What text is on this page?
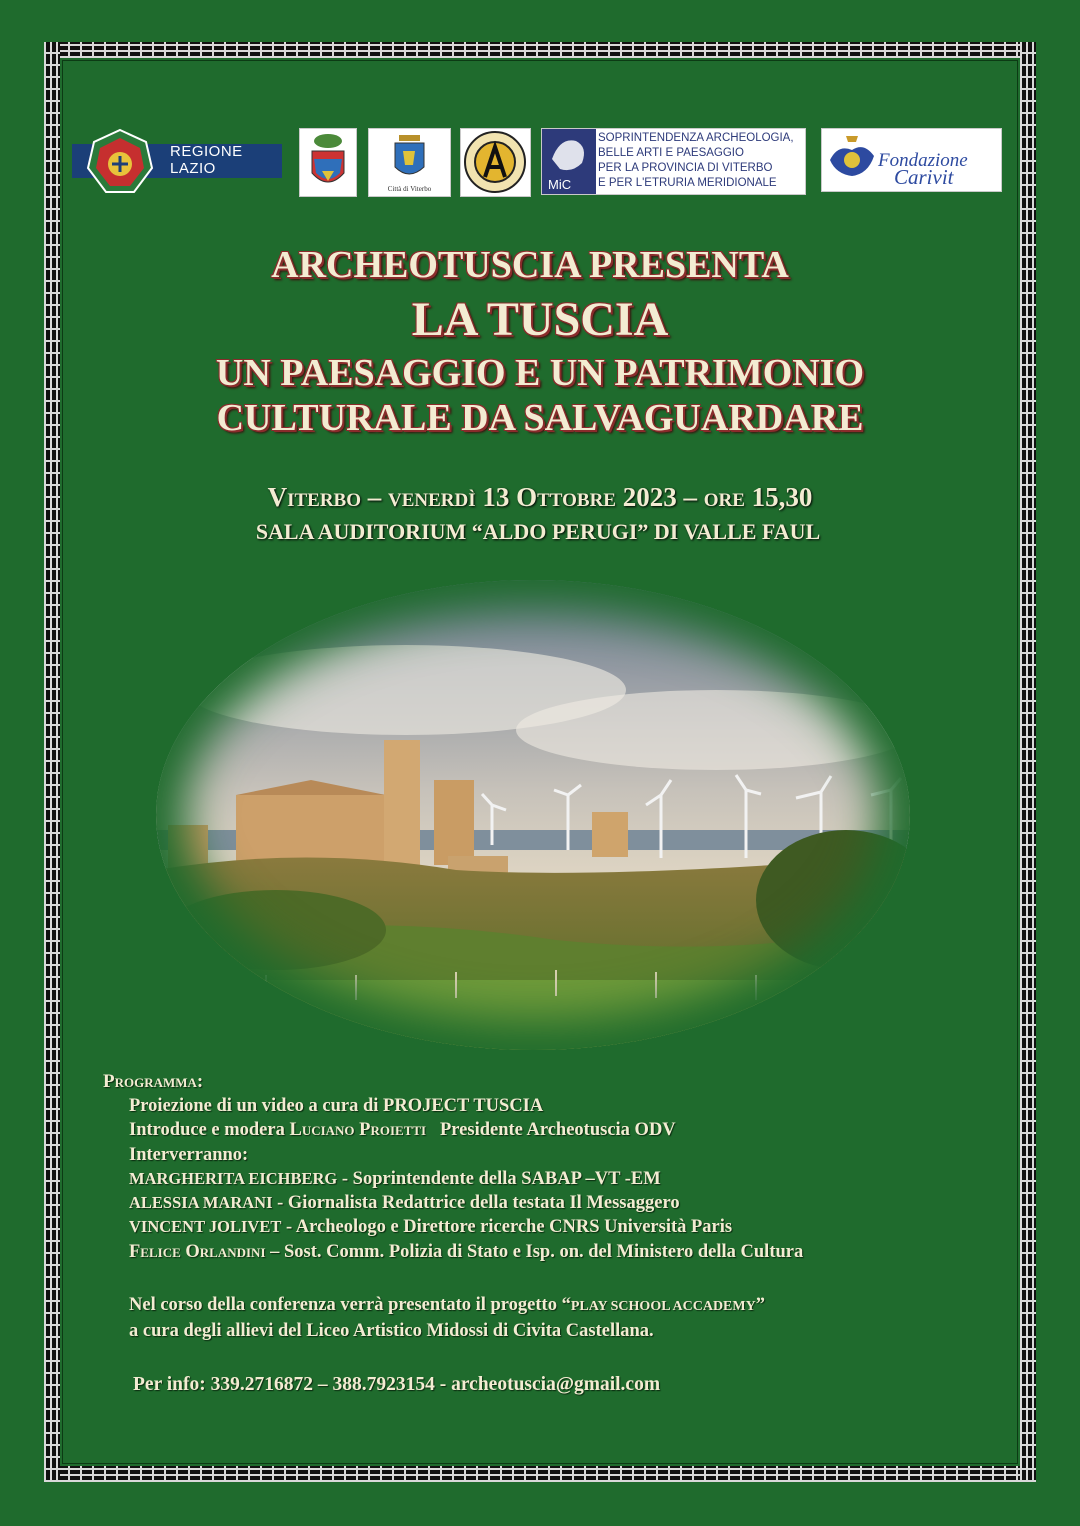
REGIONE
LAZIO
Città di Viterbo	MiC
SOPRINTENDENZA ARCHEOLOGIA,
BELLE ARTI E PAESAGGIO
PER LA PROVINCIA DI VITERBO
E PER L'ETRURIA MERIDIONALE
Fondazione
Carivit
ARCHEOTUSCIA PRESENTA
LA TUSCIA
UN PAESAGGIO E UN PATRIMONIO
CULTURALE DA SALVAGUARDARE
Viterbo – venerdì 13 Ottobre 2023 – ore 15,30
SALA AUDITORIUM “ALDO PERUGI” DI VALLE FAUL
Programma:
Proiezione di un video a cura di PROJECT TUSCIA
Introduce e modera Luciano Proietti   Presidente Archeotuscia ODV
Interverranno:
MARGHERITA EICHBERG - Soprintendente della SABAP –VT -EM
ALESSIA MARANI - Giornalista Redattrice della testata Il Messaggero
VINCENT JOLIVET - Archeologo e Direttore ricerche CNRS Università Paris
Felice Orlandini – Sost. Comm. Polizia di Stato e Isp. on. del Ministero della Cultura
Nel corso della conferenza verrà presentato il progetto “PLAY SCHOOL ACCADEMY”
a cura degli allievi del Liceo Artistico Midossi di Civita Castellana.
Per info: 339.2716872 – 388.7923154 - archeotuscia@gmail.com
